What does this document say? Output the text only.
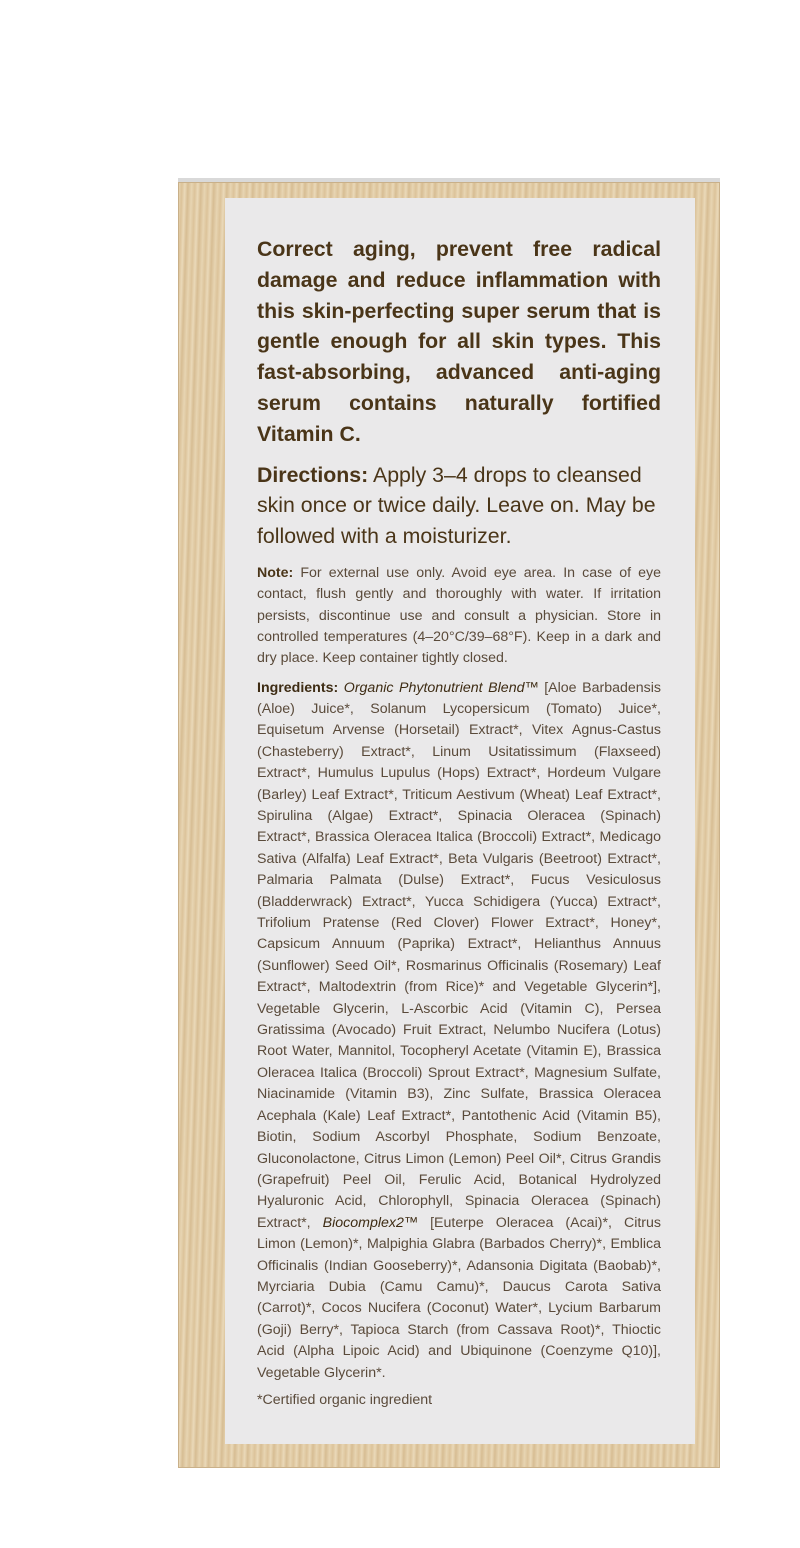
Correct aging, prevent free radical damage and reduce inflammation with this skin-perfecting super serum that is gentle enough for all skin types. This fast-absorbing, advanced anti-aging serum contains naturally fortified Vitamin C.

Directions: Apply 3–4 drops to cleansed skin once or twice daily. Leave on. May be followed with a moisturizer.

Note: For external use only. Avoid eye area. In case of eye contact, flush gently and thoroughly with water. If irritation persists, discontinue use and consult a physician. Store in controlled temperatures (4–20°C/39–68°F). Keep in a dark and dry place. Keep container tightly closed.

Ingredients: Organic Phytonutrient Blend™ [Aloe Barbadensis (Aloe) Juice*, Solanum Lycopersicum (Tomato) Juice*, Equisetum Arvense (Horsetail) Extract*, Vitex Agnus-Castus (Chasteberry) Extract*, Linum Usitatissimum (Flaxseed) Extract*, Humulus Lupulus (Hops) Extract*, Hordeum Vulgare (Barley) Leaf Extract*, Triticum Aestivum (Wheat) Leaf Extract*, Spirulina (Algae) Extract*, Spinacia Oleracea (Spinach) Extract*, Brassica Oleracea Italica (Broccoli) Extract*, Medicago Sativa (Alfalfa) Leaf Extract*, Beta Vulgaris (Beetroot) Extract*, Palmaria Palmata (Dulse) Extract*, Fucus Vesiculosus (Bladderwrack) Extract*, Yucca Schidigera (Yucca) Extract*, Trifolium Pratense (Red Clover) Flower Extract*, Honey*, Capsicum Annuum (Paprika) Extract*, Helianthus Annuus (Sunflower) Seed Oil*, Rosmarinus Officinalis (Rosemary) Leaf Extract*, Maltodextrin (from Rice)* and Vegetable Glycerin*], Vegetable Glycerin, L-Ascorbic Acid (Vitamin C), Persea Gratissima (Avocado) Fruit Extract, Nelumbo Nucifera (Lotus) Root Water, Mannitol, Tocopheryl Acetate (Vitamin E), Brassica Oleracea Italica (Broccoli) Sprout Extract*, Magnesium Sulfate, Niacinamide (Vitamin B3), Zinc Sulfate, Brassica Oleracea Acephala (Kale) Leaf Extract*, Pantothenic Acid (Vitamin B5), Biotin, Sodium Ascorbyl Phosphate, Sodium Benzoate, Gluconolactone, Citrus Limon (Lemon) Peel Oil*, Citrus Grandis (Grapefruit) Peel Oil, Ferulic Acid, Botanical Hydrolyzed Hyaluronic Acid, Chlorophyll, Spinacia Oleracea (Spinach) Extract*, Biocomplex2™ [Euterpe Oleracea (Acai)*, Citrus Limon (Lemon)*, Malpighia Glabra (Barbados Cherry)*, Emblica Officinalis (Indian Gooseberry)*, Adansonia Digitata (Baobab)*, Myrciaria Dubia (Camu Camu)*, Daucus Carota Sativa (Carrot)*, Cocos Nucifera (Coconut) Water*, Lycium Barbarum (Goji) Berry*, Tapioca Starch (from Cassava Root)*, Thioctic Acid (Alpha Lipoic Acid) and Ubiquinone (Coenzyme Q10)], Vegetable Glycerin*.

*Certified organic ingredient
